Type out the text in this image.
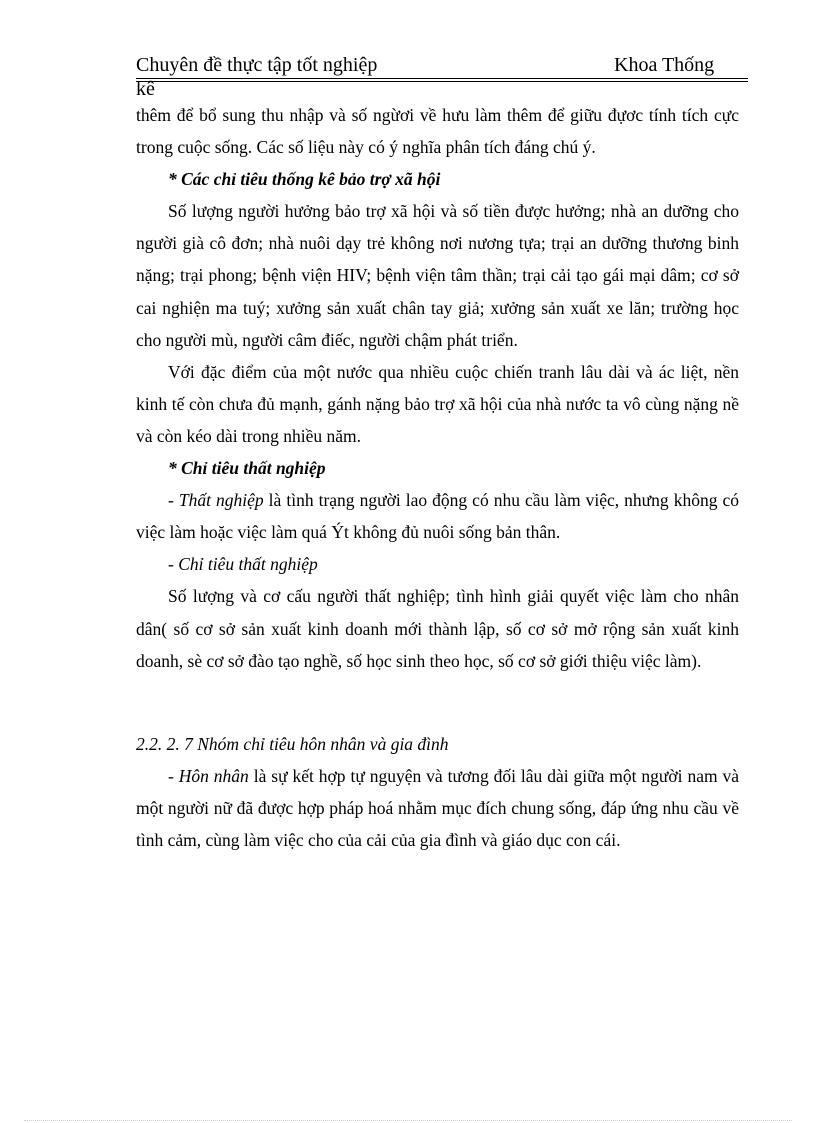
Chuyên đề thực tập tốt nghiệp	Khoa Thống
kê

thêm để bổ sung thu nhập và số ngừơi về hưu làm thêm để giữu đựơc tính tích cực trong cuộc sống. Các số liệu này có ý nghĩa phân tích đáng chú ý.

* Các chỉ tiêu thống kê bảo trợ xã hội

Số lượng người hưởng bảo trợ xã hội và số tiền được hưởng; nhà an dưỡng cho người già cô đơn; nhà nuôi dạy trẻ không nơi nương tựa; trại an dưỡng thương binh nặng; trại phong; bệnh viện HIV; bệnh viện tâm thần; trại cải tạo gái mại dâm; cơ sở cai nghiện ma tuý; xưởng sản xuất chân tay giả; xưởng sản xuất xe lăn; trường học cho người mù, người câm điếc, người chậm phát triển.

Với đặc điểm của một nước qua nhiều cuộc chiến tranh lâu dài và ác liệt, nền kinh tế còn chưa đủ mạnh, gánh nặng bảo trợ xã hội của nhà nước ta vô cùng nặng nề và còn kéo dài trong nhiều năm.

* Chỉ tiêu thất nghiệp

- Thất nghiệp là tình trạng người lao động có nhu cầu làm việc, nhưng không có việc làm hoặc việc làm quá Ýt không đủ nuôi sống bản thân.

- Chỉ tiêu thất nghiệp

Số lượng và cơ cấu người thất nghiệp; tình hình giải quyết việc làm cho nhân dân( số cơ sở sản xuất kinh doanh mới thành lập, số cơ sở mở rộng sản xuất kinh doanh, sè cơ sở đào tạo nghề, số học sinh theo học, số cơ sở giới thiệu việc làm).

2.2. 2. 7 Nhóm chỉ tiêu hôn nhân và gia đình

- Hôn nhân là sự kết hợp tự nguyện và tương đối lâu dài giữa một người nam và một người nữ đã được hợp pháp hoá nhằm mục đích chung sống, đáp ứng nhu cầu về tình cảm, cùng làm việc cho của cải của gia đình và giáo dục con cái.
